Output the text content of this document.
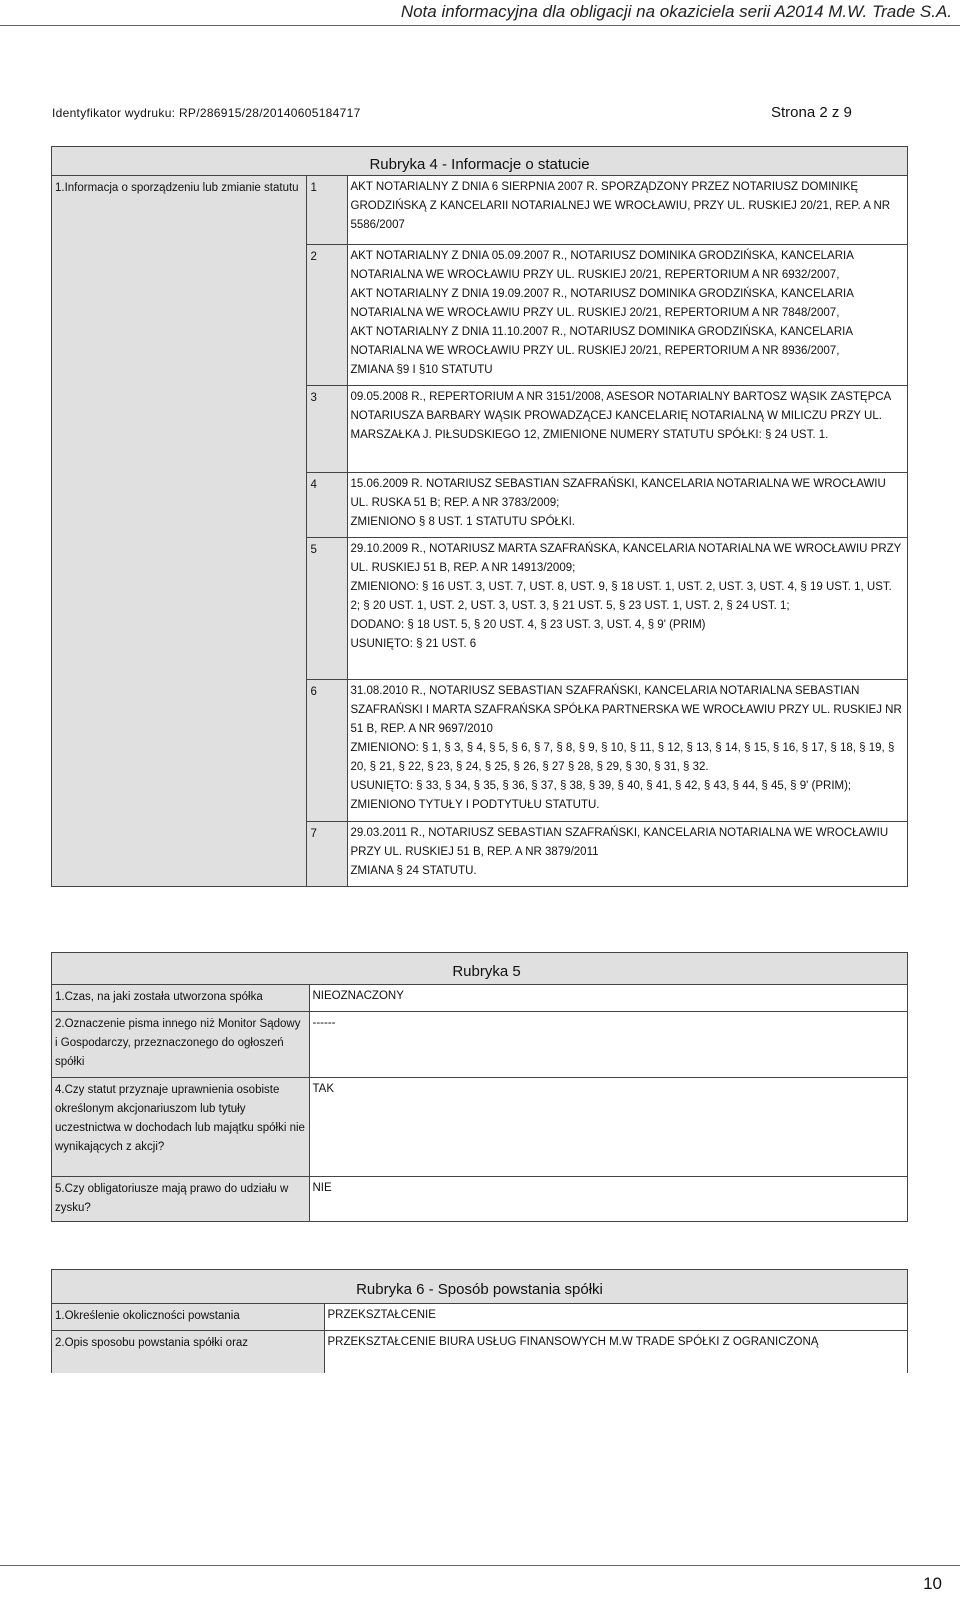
Nota informacyjna dla obligacji na okaziciela serii A2014 M.W. Trade S.A.
Identyfikator wydruku: RP/286915/28/20140605184717	Strona 2 z 9
Rubryka 4 - Informacje o statucie
1.Informacja o sporządzeniu lub zmianie statutu	1	AKT NOTARIALNY Z DNIA 6 SIERPNIA 2007 R. SPORZĄDZONY PRZEZ NOTARIUSZ DOMINIKĘ GRODZIŃSKĄ Z KANCELARII NOTARIALNEJ WE WROCŁAWIU, PRZY UL. RUSKIEJ 20/21, REP. A NR 5586/2007
	2	AKT NOTARIALNY Z DNIA 05.09.2007 R., NOTARIUSZ DOMINIKA GRODZIŃSKA, KANCELARIA NOTARIALNA WE WROCŁAWIU PRZY UL. RUSKIEJ 20/21, REPERTORIUM A NR 6932/2007,
AKT NOTARIALNY Z DNIA 19.09.2007 R., NOTARIUSZ DOMINIKA GRODZIŃSKA, KANCELARIA NOTARIALNA WE WROCŁAWIU PRZY UL. RUSKIEJ 20/21, REPERTORIUM A NR 7848/2007,
AKT NOTARIALNY Z DNIA 11.10.2007 R., NOTARIUSZ DOMINIKA GRODZIŃSKA, KANCELARIA NOTARIALNA WE WROCŁAWIU PRZY UL. RUSKIEJ 20/21, REPERTORIUM A NR 8936/2007,
ZMIANA §9 I §10 STATUTU

	3	09.05.2008 R., REPERTORIUM A NR 3151/2008, ASESOR NOTARIALNY BARTOSZ WĄSIK ZASTĘPCA NOTARIUSZA BARBARY WĄSIK PROWADZĄCEJ KANCELARIĘ NOTARIALNĄ W MILICZU PRZY UL. MARSZAŁKA J. PIŁSUDSKIEGO 12, ZMIENIONE NUMERY STATUTU SPÓŁKI: § 24 UST. 1.
	4	15.06.2009 R. NOTARIUSZ SEBASTIAN SZAFRAŃSKI, KANCELARIA NOTARIALNA WE WROCŁAWIU UL. RUSKA 51 B; REP. A NR 3783/2009;
ZMIENIONO § 8 UST. 1 STATUTU SPÓŁKI.

	5	29.10.2009 R., NOTARIUSZ MARTA SZAFRAŃSKA, KANCELARIA NOTARIALNA WE WROCŁAWIU PRZY UL. RUSKIEJ 51 B, REP. A NR 14913/2009;
ZMIENIONO: § 16 UST. 3, UST. 7, UST. 8, UST. 9, § 18 UST. 1, UST. 2, UST. 3, UST. 4, § 19 UST. 1, UST. 2; § 20 UST. 1, UST. 2, UST. 3, UST. 3, § 21 UST. 5, § 23 UST. 1, UST. 2, § 24 UST. 1;
DODANO: § 18 UST. 5, § 20 UST. 4, § 23 UST. 3, UST. 4, § 9' (PRIM)
USUNIĘTO: § 21 UST. 6

	6	31.08.2010 R., NOTARIUSZ SEBASTIAN SZAFRAŃSKI, KANCELARIA NOTARIALNA SEBASTIAN SZAFRAŃSKI I MARTA SZAFRAŃSKA SPÓŁKA PARTNERSKA WE WROCŁAWIU PRZY UL. RUSKIEJ NR 51 B, REP. A NR 9697/2010
ZMIENIONO: § 1, § 3, § 4, § 5, § 6, § 7, § 8, § 9, § 10, § 11, § 12, § 13, § 14, § 15, § 16, § 17, § 18, § 19, § 20, § 21, § 22, § 23, § 24, § 25, § 26, § 27 § 28, § 29, § 30, § 31, § 32.
USUNIĘTO: § 33, § 34, § 35, § 36, § 37, § 38, § 39, § 40, § 41, § 42, § 43, § 44, § 45, § 9' (PRIM); ZMIENIONO TYTUŁY I PODTYTUŁU STATUTU.

	7	29.03.2011 R., NOTARIUSZ SEBASTIAN SZAFRAŃSKI, KANCELARIA NOTARIALNA WE WROCŁAWIU PRZY UL. RUSKIEJ 51 B, REP. A NR 3879/2011
ZMIANA § 24 STATUTU.
Rubryka 5
1.Czas, na jaki została utworzona spółka	NIEOZNACZONY
2.Oznaczenie pisma innego niż Monitor Sądowy i Gospodarczy, przeznaczonego do ogłoszeń spółki	------
4.Czy statut przyznaje uprawnienia osobiste określonym akcjonariuszom lub tytuły uczestnictwa w dochodach lub majątku spółki nie wynikających z akcji?	TAK
5.Czy obligatoriusze mają prawo do udziału w zysku?	NIE
Rubryka 6 - Sposób powstania spółki
1.Określenie okoliczności powstania	PRZEKSZTAŁCENIE
2.Opis sposobu powstania spółki oraz	PRZEKSZTAŁCENIE BIURA USŁUG FINANSOWYCH M.W TRADE SPÓŁKI Z OGRANICZONĄ
10
